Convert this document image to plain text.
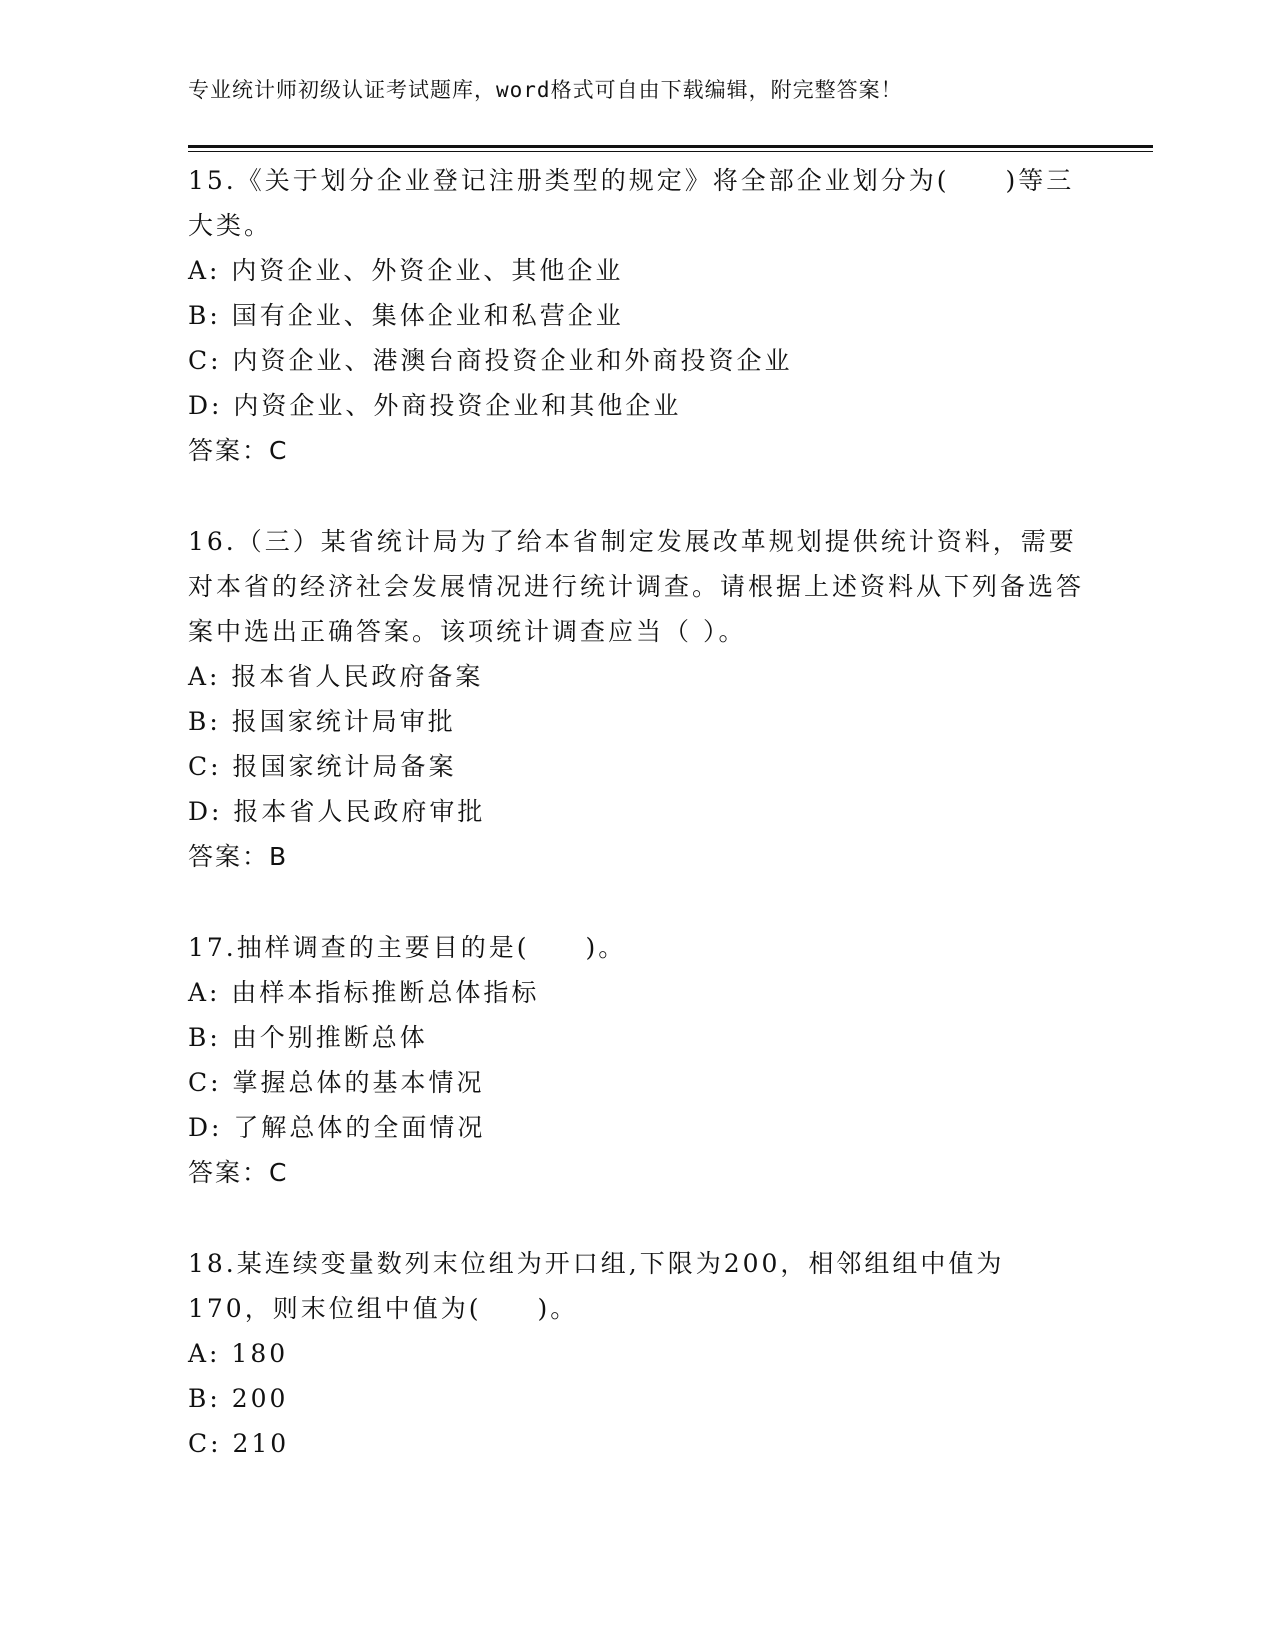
专业统计师初级认证考试题库，word格式可自由下载编辑，附完整答案！

15.《关于划分企业登记注册类型的规定》将全部企业划分为(　　)等三大类。

A: 内资企业、外资企业、其他企业

B: 国有企业、集体企业和私营企业

C: 内资企业、港澳台商投资企业和外商投资企业

D: 内资企业、外商投资企业和其他企业

答案：C

16.（三）某省统计局为了给本省制定发展改革规划提供统计资料，需要对本省的经济社会发展情况进行统计调查。请根据上述资料从下列备选答案中选出正确答案。该项统计调查应当（ ）。

A: 报本省人民政府备案

B: 报国家统计局审批

C: 报国家统计局备案

D: 报本省人民政府审批

答案：B

17.抽样调查的主要目的是(　　)。

A: 由样本指标推断总体指标

B: 由个别推断总体

C: 掌握总体的基本情况

D: 了解总体的全面情况

答案：C

18.某连续变量数列末位组为开口组,下限为200，相邻组组中值为170，则末位组中值为(　　)。

A: 180

B: 200

C: 210
